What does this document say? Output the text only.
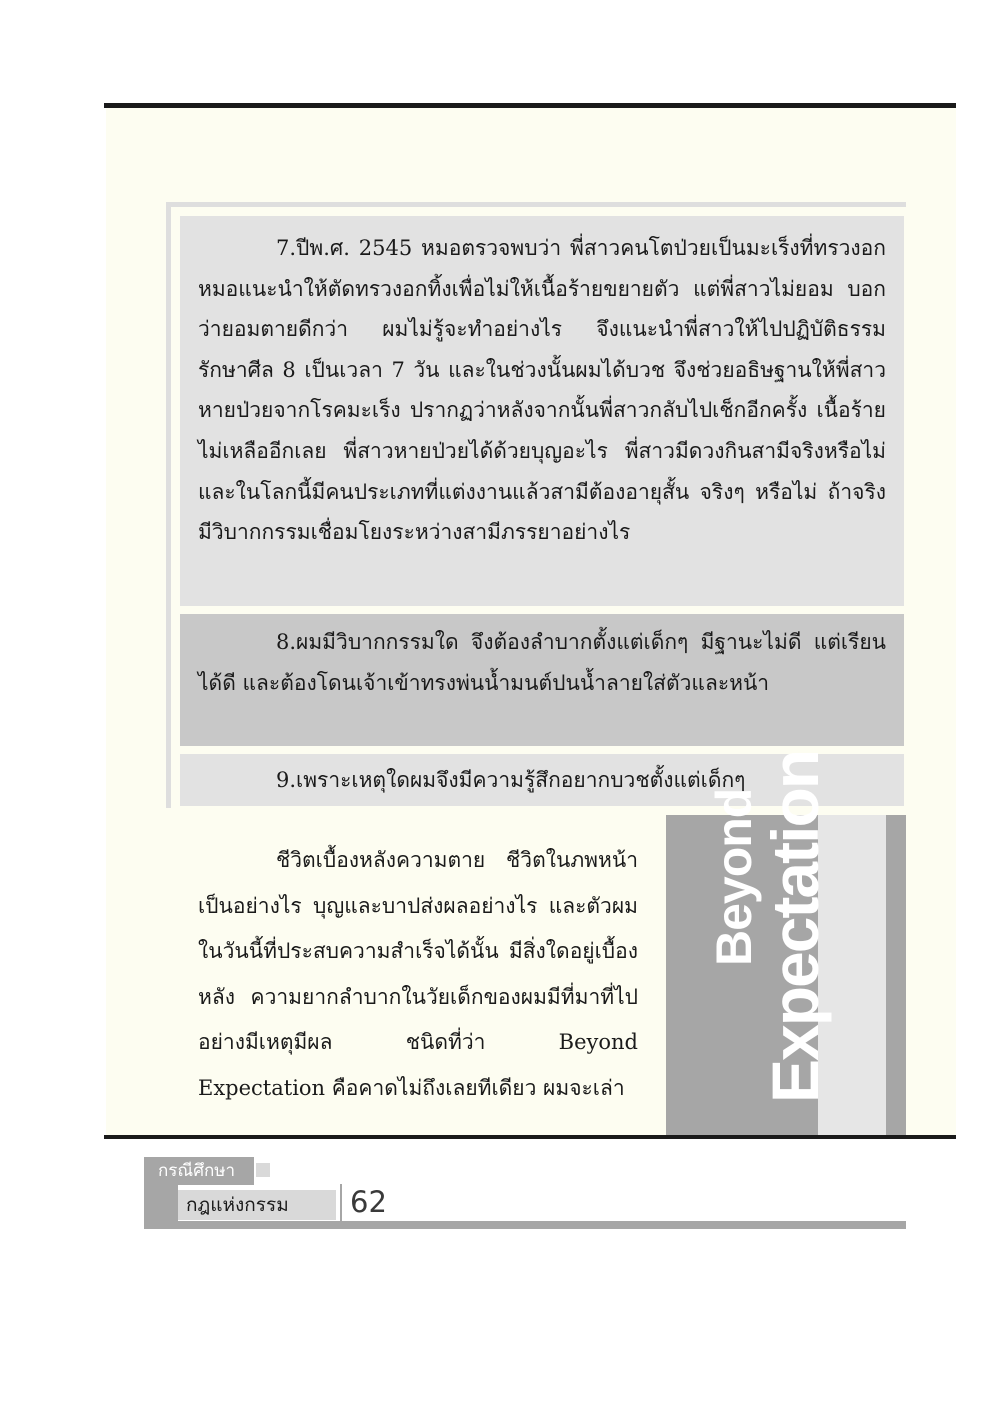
7.ปีพ.ศ. 2545 หมอตรวจพบว่า พี่สาวคนโตป่วยเป็นมะเร็งที่ทรวงอก หมอแนะนำให้ตัดทรวงอกทิ้งเพื่อไม่ให้เนื้อร้ายขยายตัว แต่พี่สาวไม่ยอม บอกว่ายอมตายดีกว่า ผมไม่รู้จะทำอย่างไร จึงแนะนำพี่สาวให้ไปปฏิบัติธรรม รักษาศีล 8 เป็นเวลา 7 วัน และในช่วงนั้นผมได้บวช จึงช่วยอธิษฐานให้พี่สาวหายป่วยจากโรคมะเร็ง ปรากฏว่าหลังจากนั้นพี่สาวกลับไปเช็กอีกครั้ง เนื้อร้ายไม่เหลืออีกเลย พี่สาวหายป่วยได้ด้วยบุญอะไร พี่สาวมีดวงกินสามีจริงหรือไม่ และในโลกนี้มีคนประเภทที่แต่งงานแล้วสามีต้องอายุสั้น จริงๆ หรือไม่ ถ้าจริง มีวิบากกรรมเชื่อมโยงระหว่างสามีภรรยาอย่างไร

8.ผมมีวิบากกรรมใด จึงต้องลำบากตั้งแต่เด็กๆ มีฐานะไม่ดี แต่เรียนได้ดี และต้องโดนเจ้าเข้าทรงพ่นน้ำมนต์ปนน้ำลายใส่ตัวและหน้า

9.เพราะเหตุใดผมจึงมีความรู้สึกอยากบวชตั้งแต่เด็กๆ

ชีวิตเบื้องหลังความตาย ชีวิตในภพหน้าเป็นอย่างไร บุญและบาปส่งผลอย่างไร และตัวผมในวันนี้ที่ประสบความสำเร็จได้นั้น มีสิ่งใดอยู่เบื้องหลัง ความยากลำบากในวัยเด็กของผมมีที่มาที่ไป อย่างมีเหตุมีผล ชนิดที่ว่า Beyond Expectation คือคาดไม่ถึงเลยทีเดียว ผมจะเล่า

Beyond
Expectation
กรณีศึกษา
กฎแห่งกรรม	62
